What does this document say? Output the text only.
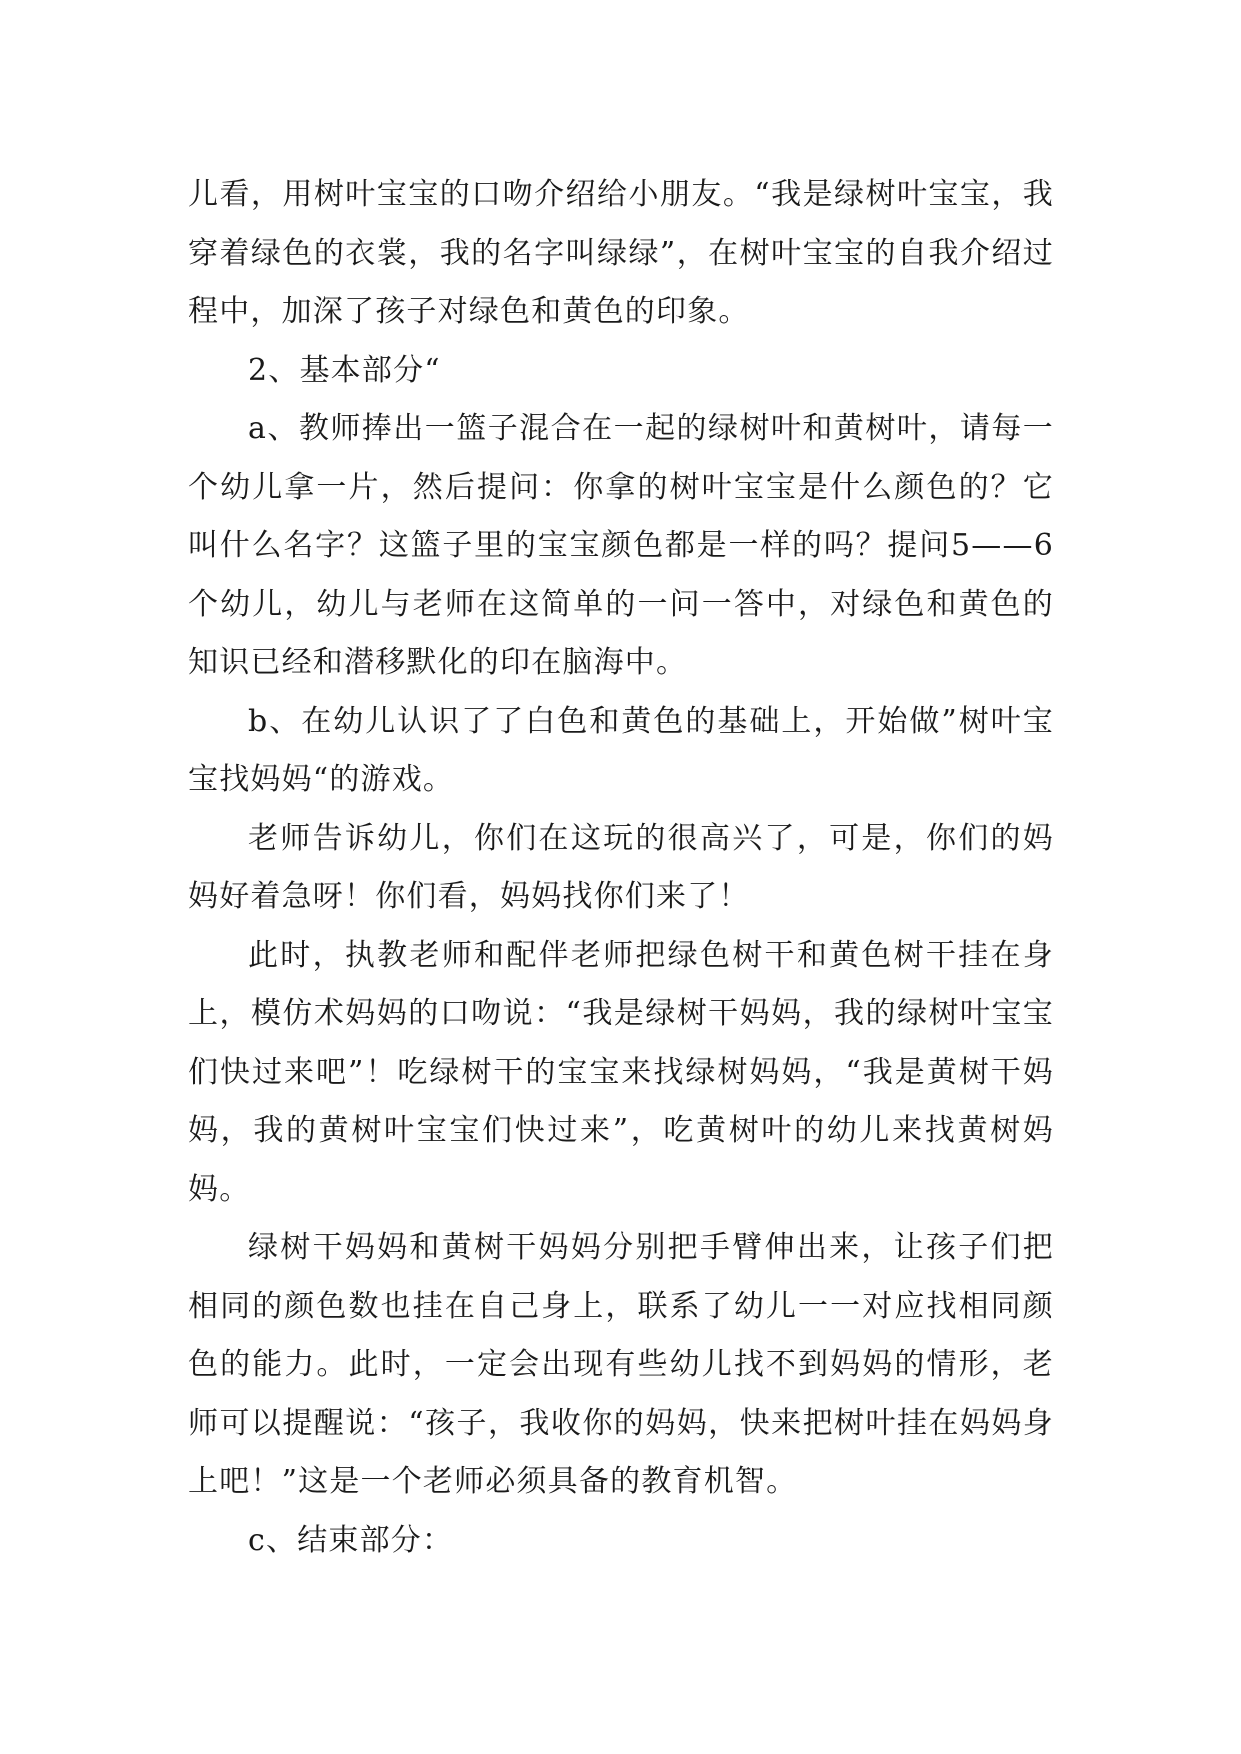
儿看，用树叶宝宝的口吻介绍给小朋友。“我是绿树叶宝宝，我穿着绿色的衣裳，我的名字叫绿绿”，在树叶宝宝的自我介绍过程中，加深了孩子对绿色和黄色的印象。

2、基本部分“

a、教师捧出一篮子混合在一起的绿树叶和黄树叶，请每一个幼儿拿一片，然后提问：你拿的树叶宝宝是什么颜色的？它叫什么名字？这篮子里的宝宝颜色都是一样的吗？提问5——6个幼儿，幼儿与老师在这简单的一问一答中，对绿色和黄色的知识已经和潜移默化的印在脑海中。

b、在幼儿认识了了白色和黄色的基础上，开始做”树叶宝宝找妈妈“的游戏。

老师告诉幼儿，你们在这玩的很高兴了，可是，你们的妈妈好着急呀！你们看，妈妈找你们来了！

此时，执教老师和配伴老师把绿色树干和黄色树干挂在身上，模仿术妈妈的口吻说：“我是绿树干妈妈，我的绿树叶宝宝们快过来吧”！吃绿树干的宝宝来找绿树妈妈，“我是黄树干妈妈，我的黄树叶宝宝们快过来”，吃黄树叶的幼儿来找黄树妈妈。

绿树干妈妈和黄树干妈妈分别把手臂伸出来，让孩子们把相同的颜色数也挂在自己身上，联系了幼儿一一对应找相同颜色的能力。此时，一定会出现有些幼儿找不到妈妈的情形，老师可以提醒说：“孩子，我收你的妈妈，快来把树叶挂在妈妈身上吧！”这是一个老师必须具备的教育机智。

c、结束部分：
